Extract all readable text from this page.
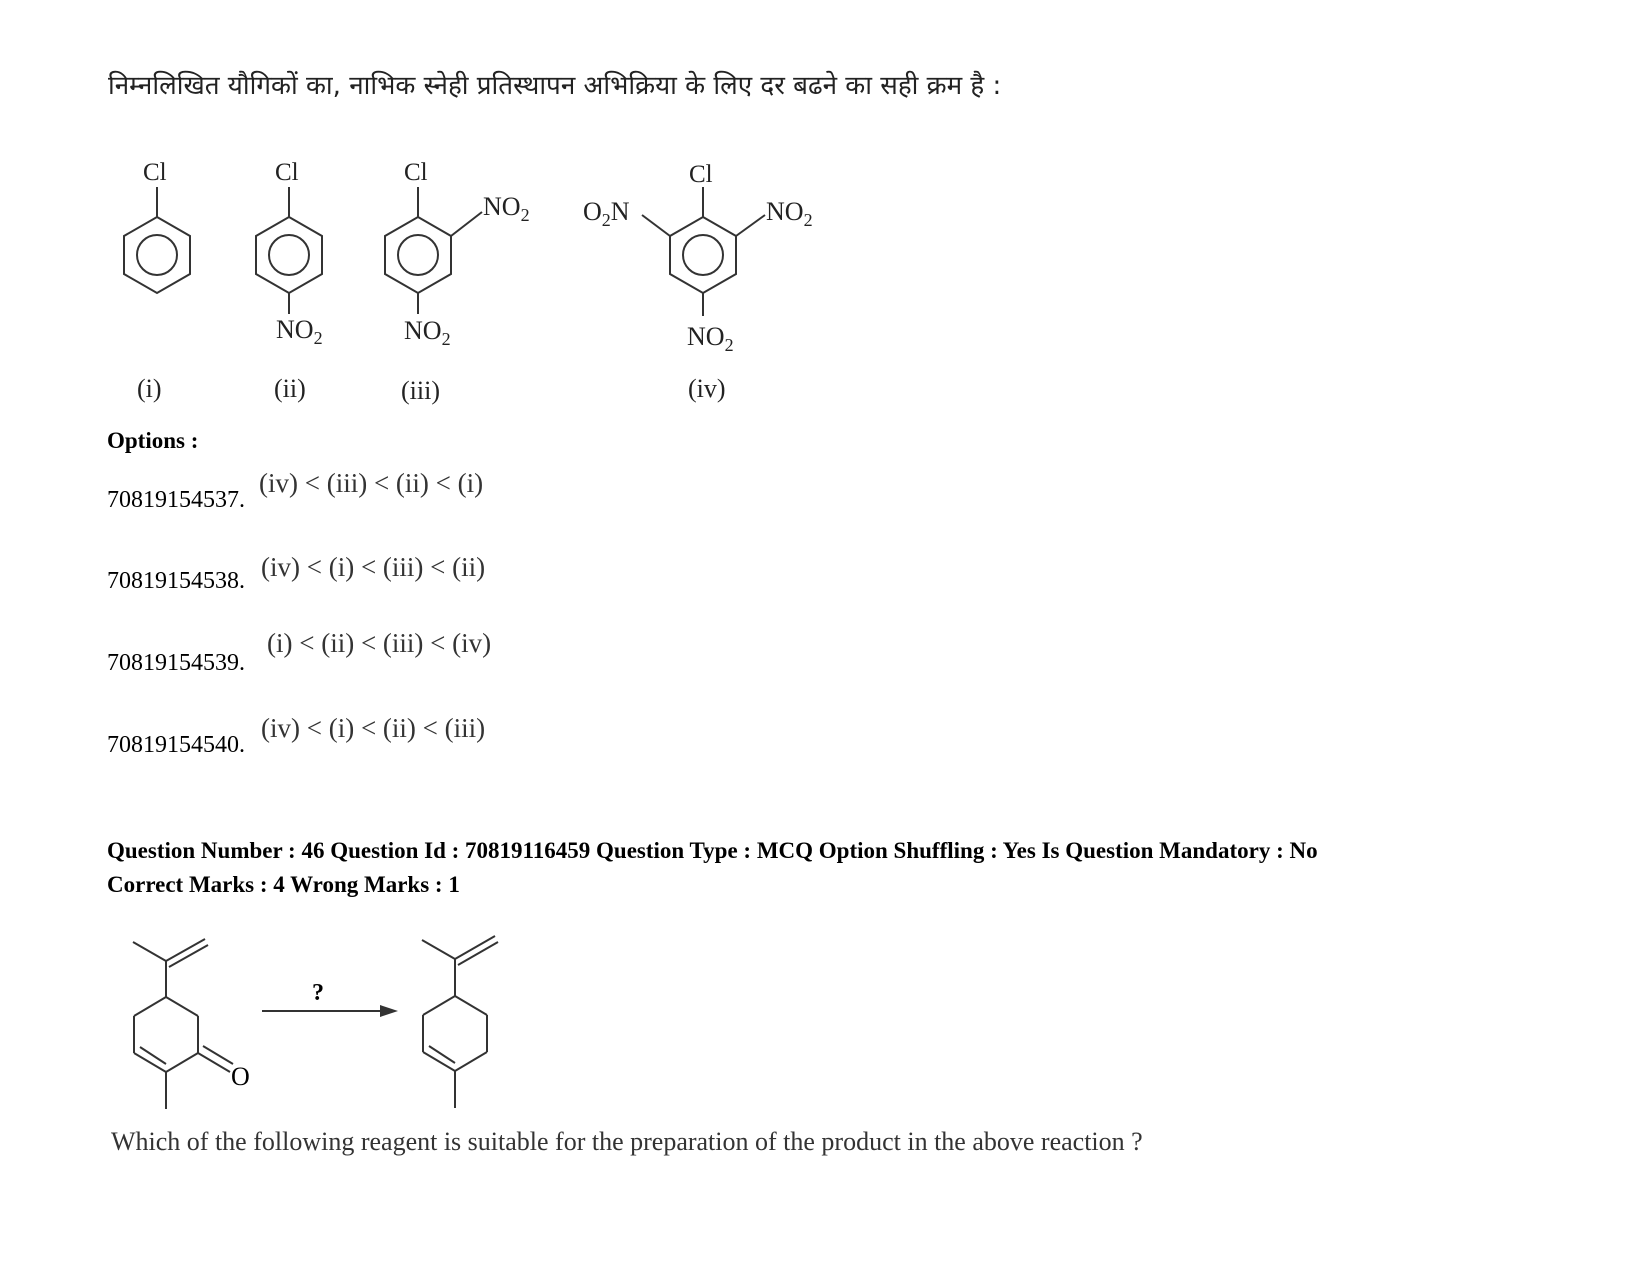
निम्नलिखित यौगिकों का, नाभिक स्नेही प्रतिस्थापन अभिक्रिया के लिए दर बढने का सही क्रम है :
Cl
(i)
Cl
$NO_2$
(ii)
Cl
$NO_2$
$NO_2$
(iii)
Cl
$O_2N$	$NO_2$
$NO_2$
(iv)
Options :
70819154537.
(iv) < (iii) < (ii) < (i)
70819154538. (iv) < (i) < (iii) < (ii)
70819154539.
(i) < (ii) < (iii) < (iv)
70819154540.
(iv) < (i) < (ii) < (iii)
Question Number : 46 Question Id : 70819116459 Question Type : MCQ Option Shuffling : Yes Is Question Mandatory : No
Correct Marks : 4 Wrong Marks : 1
?
O
Which of the following reagent is suitable for the preparation of the product in the above reaction ?
